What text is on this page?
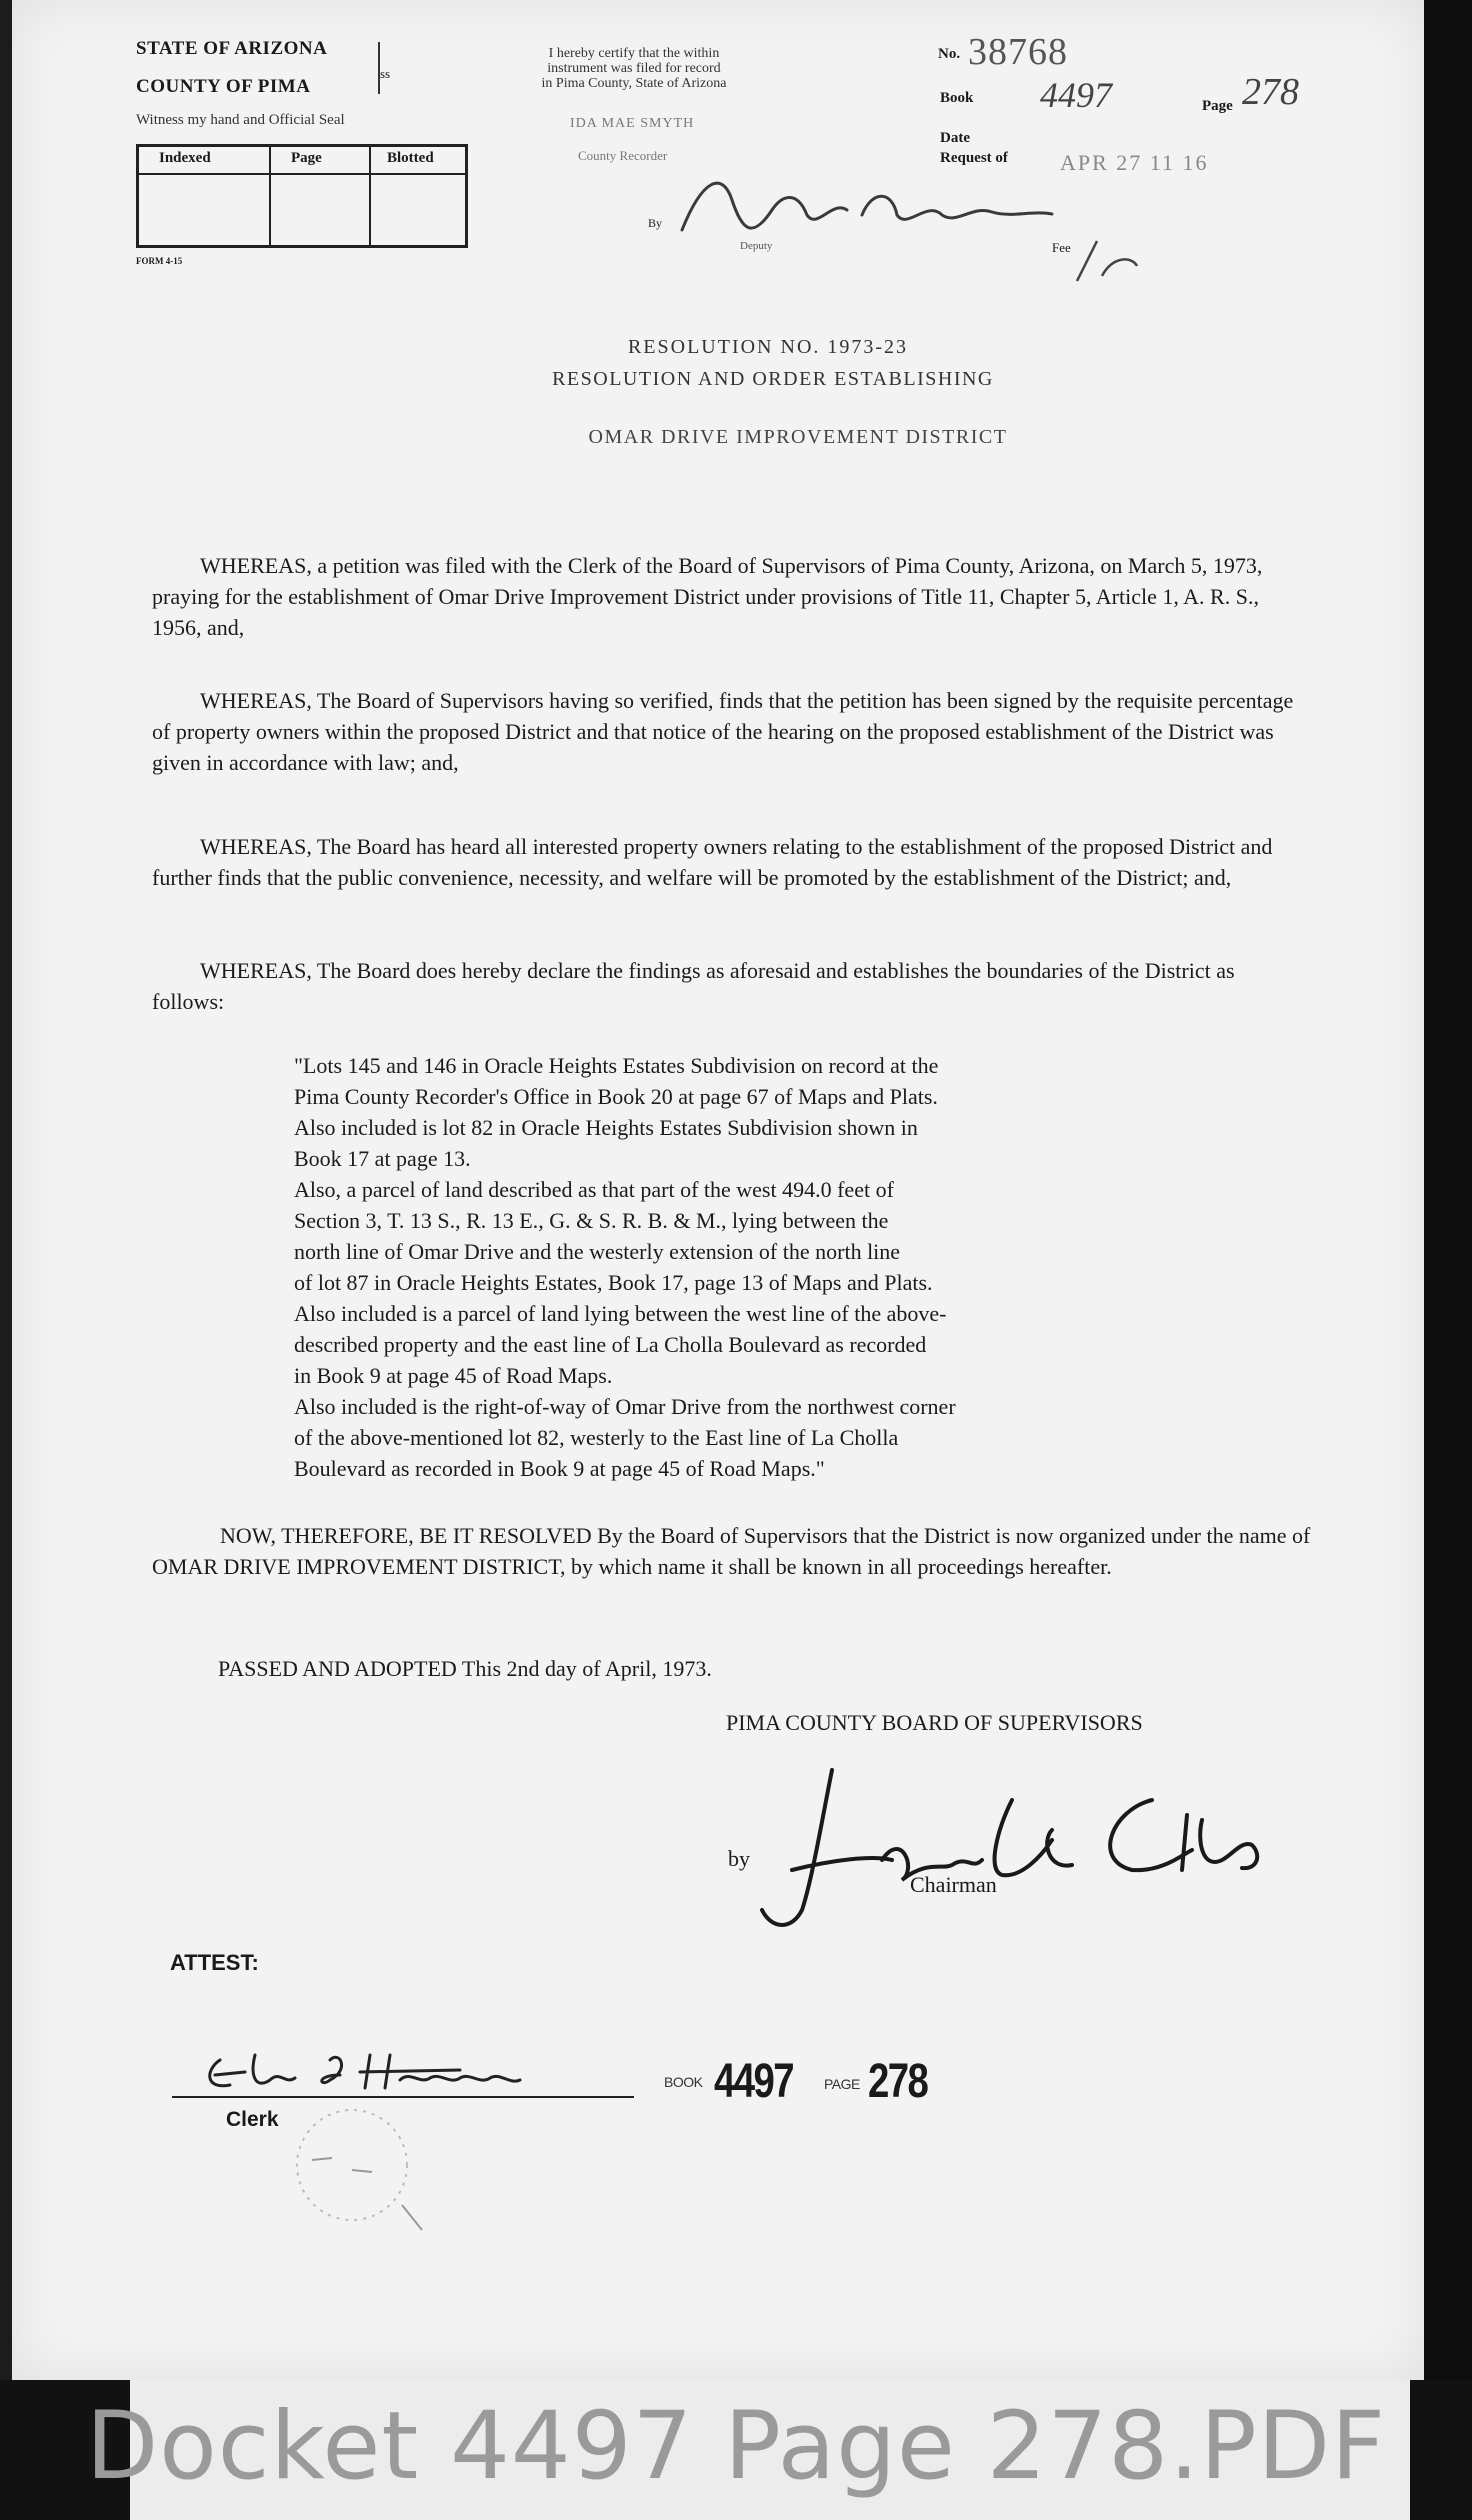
STATE OF ARIZONA
COUNTY OF PIMA
ss
Witness my hand and Official Seal
Indexed	Page	Blotted
FORM 4-15
I hereby certify that the within
instrument was filed for record
in Pima County, State of Arizona
IDA MAE SMYTH
County Recorder
By
Deputy	Fee
No. 38768
Book 4497	Page 278
Date
Request of APR 27 11 16
RESOLUTION NO. 1973-23
RESOLUTION AND ORDER ESTABLISHING
OMAR DRIVE IMPROVEMENT DISTRICT
WHEREAS, a petition was filed with the Clerk of the Board of Supervisors of Pima County, Arizona, on March 5, 1973, praying for the establishment of Omar Drive Improvement District under provisions of Title 11, Chapter 5, Article 1, A. R. S., 1956, and,
WHEREAS, The Board of Supervisors having so verified, finds that the petition has been signed by the requisite percentage of property owners within the proposed District and that notice of the hearing on the proposed establishment of the District was given in accordance with law; and,
WHEREAS, The Board has heard all interested property owners relating to the establishment of the proposed District and further finds that the public convenience, necessity, and welfare will be promoted by the establishment of the District; and,
WHEREAS, The Board does hereby declare the findings as aforesaid and establishes the boundaries of the District as follows:
"Lots 145 and 146 in Oracle Heights Estates Subdivision on record at the
Pima County Recorder's Office in Book 20 at page 67 of Maps and Plats.
Also included is lot 82 in Oracle Heights Estates Subdivision shown in
Book 17 at page 13.
Also, a parcel of land described as that part of the west 494.0 feet of
Section 3, T. 13 S., R. 13 E., G. & S. R. B. & M., lying between the
north line of Omar Drive and the westerly extension of the north line
of lot 87 in Oracle Heights Estates, Book 17, page 13 of Maps and Plats.
Also included is a parcel of land lying between the west line of the above-
described property and the east line of La Cholla Boulevard as recorded
in Book 9 at page 45 of Road Maps.
Also included is the right-of-way of Omar Drive from the northwest corner
of the above-mentioned lot 82, westerly to the East line of La Cholla
Boulevard as recorded in Book 9 at page 45 of Road Maps."
NOW, THEREFORE, BE IT RESOLVED By the Board of Supervisors that the District is now organized under the name of OMAR DRIVE IMPROVEMENT DISTRICT, by which name it shall be known in all proceedings hereafter.
PASSED AND ADOPTED This 2nd day of April, 1973.
PIMA COUNTY BOARD OF SUPERVISORS
by
Chairman
ATTEST:
Clerk
BOOK 4497 PAGE 278
Docket 4497 Page 278.PDF
